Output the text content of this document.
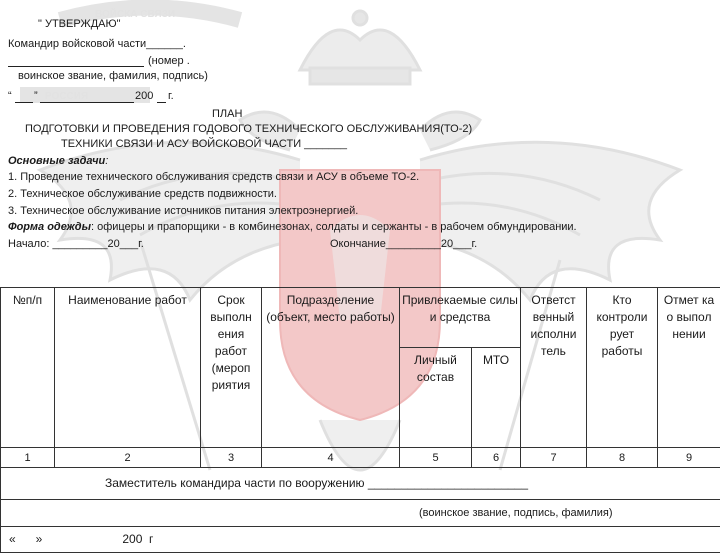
ВОЙСКА СВЯЗИ
РОССИЯ
" УТВЕРЖДАЮ"
Командир войсковой части______.
(номер .
воинское звание, фамилия, подпись)
“ ”	200 г.
ПЛАН
ПОДГОТОВКИ И ПРОВЕДЕНИЯ ГОДОВОГО ТЕХНИЧЕСКОГО ОБСЛУЖИВАНИЯ(ТО-2)
ТЕХНИКИ СВЯЗИ И АСУ ВОЙСКОВОЙ ЧАСТИ _______
Основные задачи:
1. Проведение технического обслуживания средств связи и АСУ в объеме ТО-2.
2. Техническое обслуживание средств подвижности.
3. Техническое обслуживание источников питания электроэнергией.
Форма одежды: офицеры и прапорщики - в комбинезонах, солдаты и сержанты - в рабочем обмундировании.
Начало: _________20___г.	Окончание_________20___г.
№п/п	Наименование работ	Срок выполн ения работ (мероп риятия	Подразделение (объект, место работы)	Привлекаемые силы и средства		Ответст венный исполни тель	Кто контроли рует работы	Отмет ка о выпол нении
				Личный состав	МТО			
1	2	3	4	5	6	7	8	9
Заместитель командира части по вооружению ________________________								
(воинское звание, подпись, фамилия)								
«      »                        200  г								
